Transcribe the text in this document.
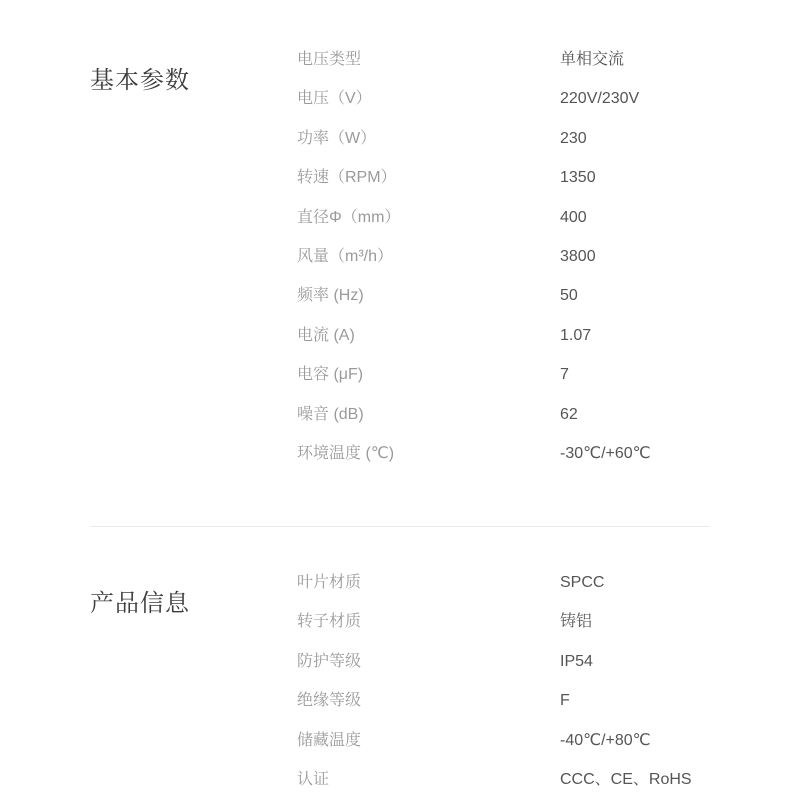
基本参数
电压类型	单相交流
电压（V）	220V/230V
功率（W）	230
转速（RPM）	1350
直径Φ（mm）	400
风量（m³/h）	3800
频率 (Hz)	50
电流 (A)	1.07
电容 (μF)	7
噪音 (dB)	62
环境温度 (℃)	-30℃/+60℃
产品信息
叶片材质	SPCC
转子材质	铸铝
防护等级	IP54
绝缘等级	F
储藏温度	-40℃/+80℃
认证	CCC、CE、RoHS
